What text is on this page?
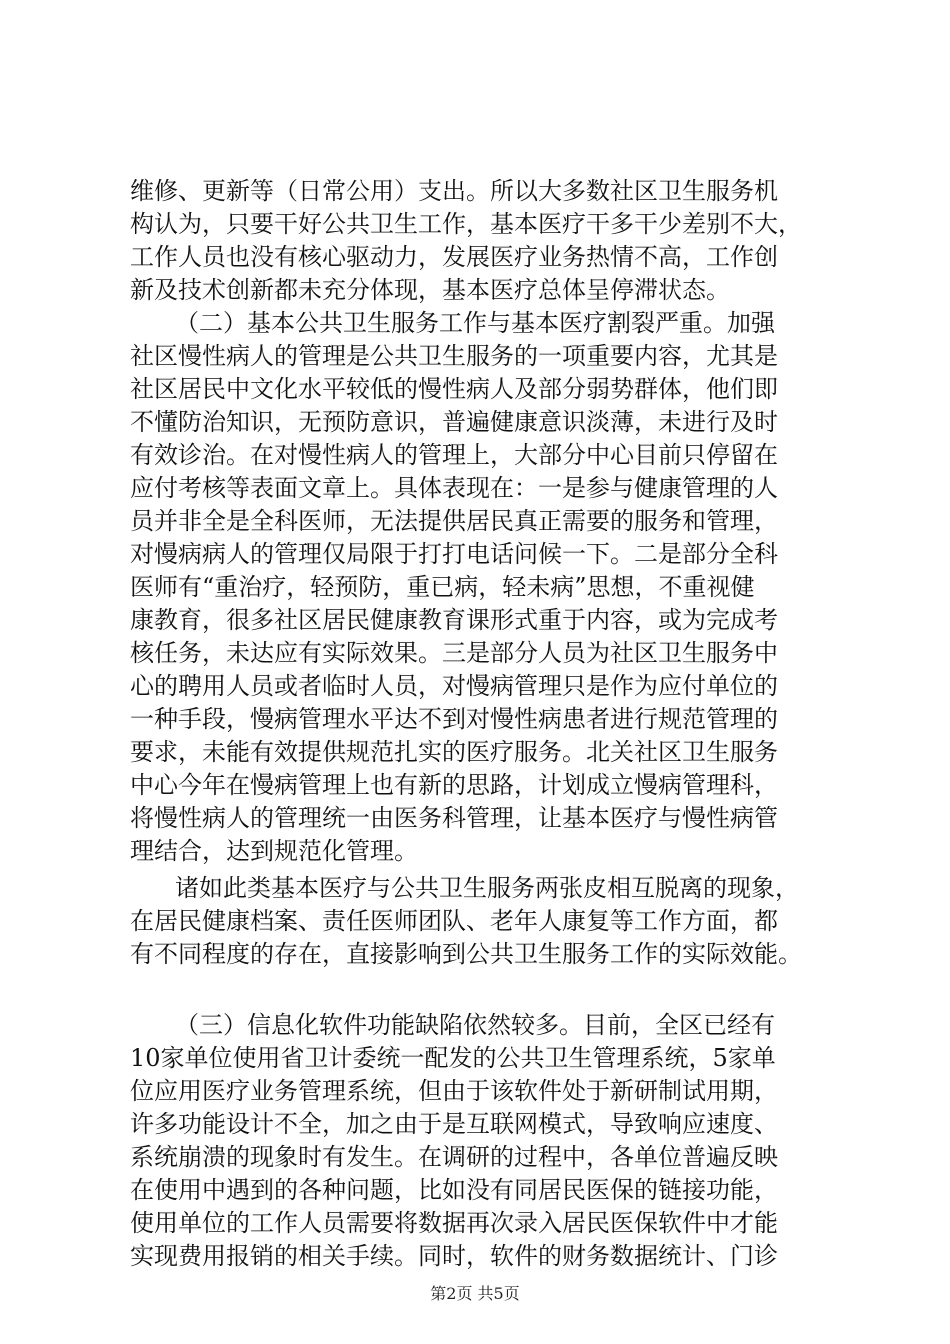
维修、更新等（日常公用）支出。所以大多数社区卫生服务机
构认为，只要干好公共卫生工作，基本医疗干多干少差别不大，
工作人员也没有核心驱动力，发展医疗业务热情不高，工作创
新及技术创新都未充分体现，基本医疗总体呈停滞状态。
（二）基本公共卫生服务工作与基本医疗割裂严重。加强
社区慢性病人的管理是公共卫生服务的一项重要内容，尤其是
社区居民中文化水平较低的慢性病人及部分弱势群体，他们即
不懂防治知识，无预防意识，普遍健康意识淡薄，未进行及时
有效诊治。在对慢性病人的管理上，大部分中心目前只停留在
应付考核等表面文章上。具体表现在：一是参与健康管理的人
员并非全是全科医师，无法提供居民真正需要的服务和管理，
对慢病病人的管理仅局限于打打电话问候一下。二是部分全科
医师有“重治疗，轻预防，重已病，轻未病”思想，不重视健
康教育，很多社区居民健康教育课形式重于内容，或为完成考
核任务，未达应有实际效果。三是部分人员为社区卫生服务中
心的聘用人员或者临时人员，对慢病管理只是作为应付单位的
一种手段，慢病管理水平达不到对慢性病患者进行规范管理的
要求，未能有效提供规范扎实的医疗服务。北关社区卫生服务
中心今年在慢病管理上也有新的思路，计划成立慢病管理科，
将慢性病人的管理统一由医务科管理，让基本医疗与慢性病管
理结合，达到规范化管理。
诸如此类基本医疗与公共卫生服务两张皮相互脱离的现象，
在居民健康档案、责任医师团队、老年人康复等工作方面，都
有不同程度的存在，直接影响到公共卫生服务工作的实际效能。
（三）信息化软件功能缺陷依然较多。目前，全区已经有
10家单位使用省卫计委统一配发的公共卫生管理系统，5家单
位应用医疗业务管理系统，但由于该软件处于新研制试用期，
许多功能设计不全，加之由于是互联网模式，导致响应速度、
系统崩溃的现象时有发生。在调研的过程中，各单位普遍反映
在使用中遇到的各种问题，比如没有同居民医保的链接功能，
使用单位的工作人员需要将数据再次录入居民医保软件中才能
实现费用报销的相关手续。同时，软件的财务数据统计、门诊
第2页 共5页
